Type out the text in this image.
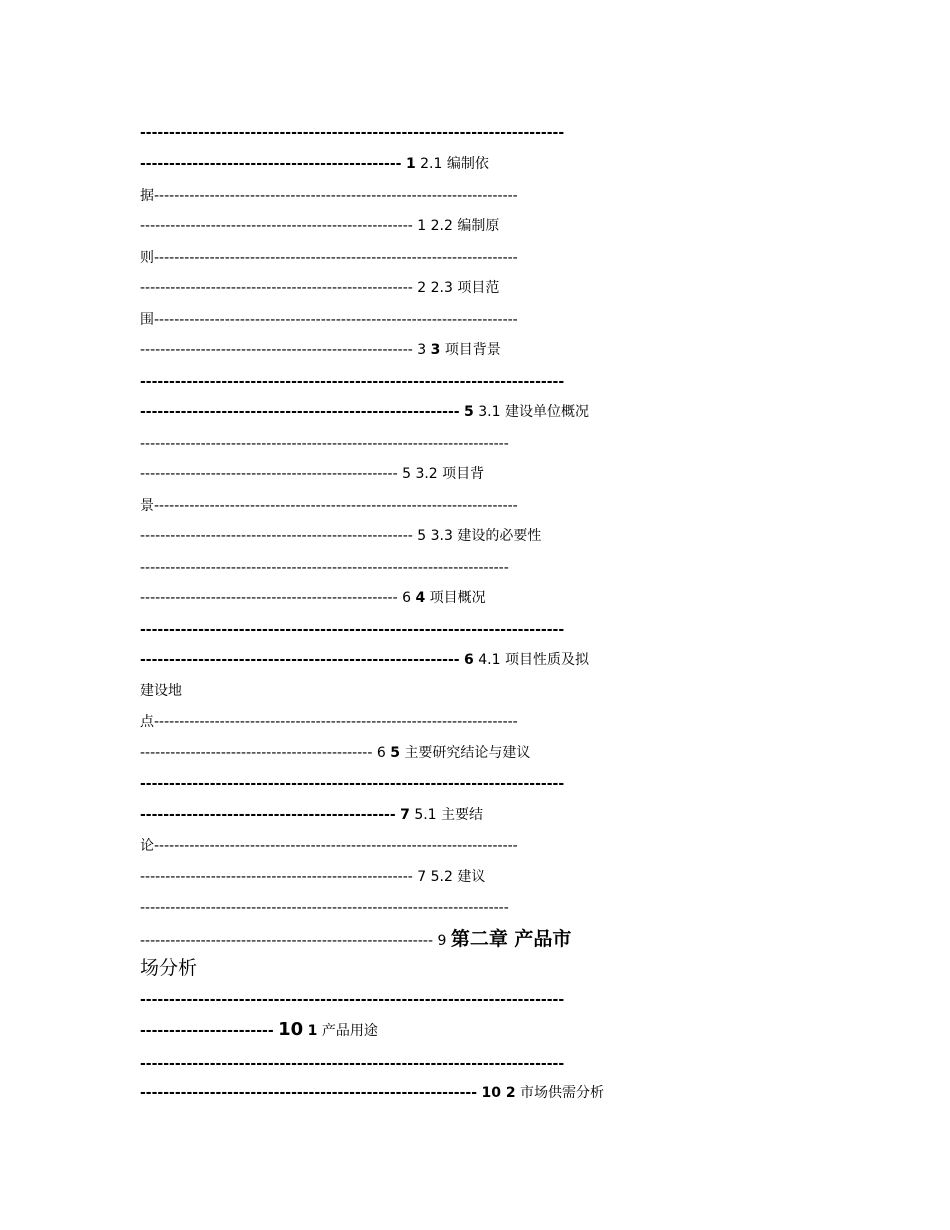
-------------------------------------------------------------------------
--------------------------------------------- 1 2.1 编制依
据------------------------------------------------------------------------
------------------------------------------------------ 1 2.2 编制原
则------------------------------------------------------------------------
------------------------------------------------------ 2 2.3 项目范
围------------------------------------------------------------------------
------------------------------------------------------ 3 3 项目背景
-------------------------------------------------------------------------
------------------------------------------------------- 5 3.1 建设单位概况
-------------------------------------------------------------------------
--------------------------------------------------- 5 3.2 项目背
景------------------------------------------------------------------------
------------------------------------------------------ 5 3.3 建设的必要性
-------------------------------------------------------------------------
--------------------------------------------------- 6 4 项目概况
-------------------------------------------------------------------------
------------------------------------------------------- 6 4.1 项目性质及拟
建设地
点------------------------------------------------------------------------
---------------------------------------------- 6 5 主要研究结论与建议
-------------------------------------------------------------------------
-------------------------------------------- 7 5.1 主要结
论------------------------------------------------------------------------
------------------------------------------------------ 7 5.2 建议
-------------------------------------------------------------------------
---------------------------------------------------------- 9 第二章 产品市
场分析
-------------------------------------------------------------------------
----------------------- 10 1 产品用途
-------------------------------------------------------------------------
---------------------------------------------------------- 10 2 市场供需分析
